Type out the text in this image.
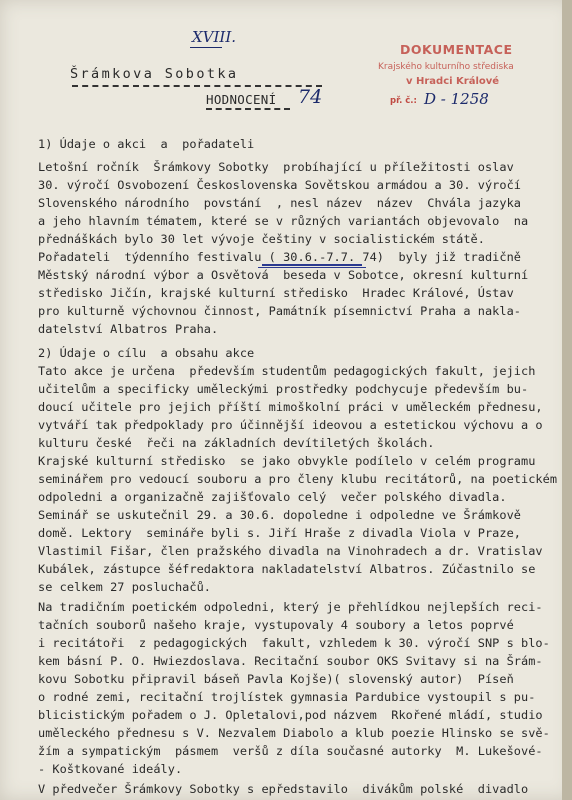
XVIII.
Šrámkova Sobotka
HODNOCENÍ 74
DOKUMENTACE
Krajského kulturního střediska
v Hradci Králové
př. č.: D - 1258
1) Údaje o akci  a  pořadateli
Letošní ročník  Šrámkovy Sobotky  probíhající u příležitosti oslav
30. výročí Osvobození Československa Sovětskou armádou a 30. výročí
Slovenského národního  povstání  , nesl název  název  Chvála jazyka
a jeho hlavním tématem, které se v různých variantách objevovalo  na
přednáškách bylo 30 let vývoje češtiny v socialistickém státě.
Pořadateli  týdenního festivalu ( 30.6.-7.7. 74)  byly již tradičně
Městský národní výbor a Osvětová  beseda v Sobotce, okresní kulturní
středisko Jičín, krajské kulturní středisko  Hradec Králové, Ústav
pro kulturně výchovnou činnost, Památník písemnictví Praha a nakla-
datelství Albatros Praha.
2) Údaje o cílu  a obsahu akce
Tato akce je určena  především studentům pedagogických fakult, jejich
učitelům a specificky uměleckými prostředky podchycuje především bu-
doucí učitele pro jejich příští mimoškolní práci v uměleckém přednesu,
vytváří tak předpoklady pro účinnější ideovou a estetickou výchovu a o
kulturu české  řeči na základních devítiletých školách.
Krajské kulturní středisko  se jako obvykle podílelo v celém programu
seminářem pro vedoucí souboru a pro členy klubu recitátorů, na poetickém
odpoledni a organizačně zajišťovalo celý  večer polského divadla.
Seminář se uskutečnil 29. a 30.6. dopoledne i odpoledne ve Šrámkově
domě. Lektory  semináře byli s. Jiří Hraše z divadla Viola v Praze,
Vlastimil Fišar, člen pražského divadla na Vinohradech a dr. Vratislav
Kubálek, zástupce šéfredaktora nakladatelství Albatros. Zúčastnilo se
se celkem 27 posluchačů.
Na tradičním poetickém odpoledni, který je přehlídkou nejlepších reci-
tačních souborů našeho kraje, vystupovaly 4 soubory a letos poprvé
i recitátoři  z pedagogických  fakult, vzhledem k 30. výročí SNP s blo-
kem básní P. O. Hwiezdoslava. Recitační soubor OKS Svitavy si na Šrám-
kovu Sobotku připravil báseň Pavla Kojše)( slovenský autor)  Píseň
o rodné zemi, recitační trojlístek gymnasia Pardubice vystoupil s pu-
blicistickým pořadem o J. Opletalovi,pod názvem  Rkořené mládí, studio
uměleckého přednesu s V. Nezvalem Diabolo a klub poezie Hlinsko se svě-
žím a sympatickým  pásmem  veršů z díla současné autorky  M. Lukešové-
- Koštkované ideály.
V předvečer Šrámkovy Sobotky s epředstavilo  divákům polské  divadlo
